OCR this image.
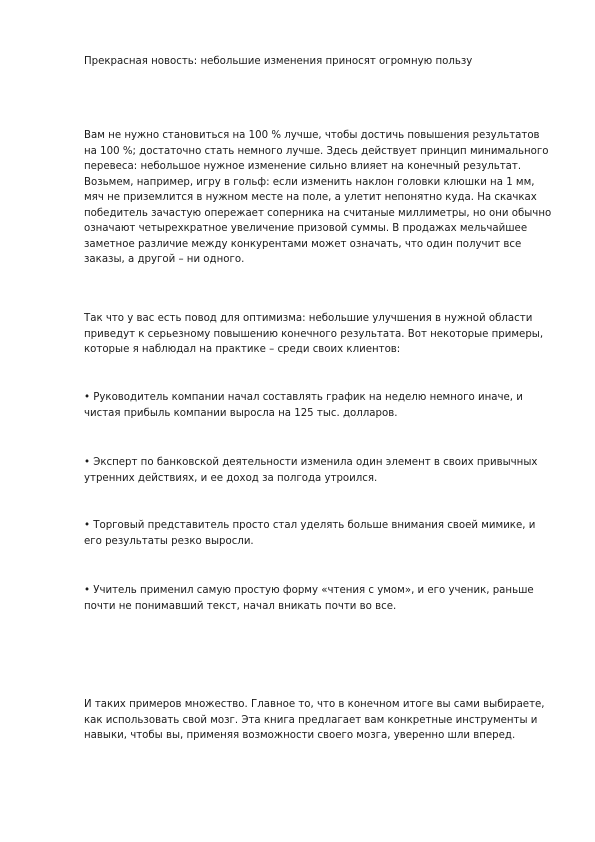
Прекрасная новость: небольшие изменения приносят огромную пользу

Вам не нужно становиться на 100 % лучше, чтобы достичь повышения результатов на 100 %; достаточно стать немного лучше. Здесь действует принцип минимального перевеса: небольшое нужное изменение сильно влияет на конечный результат. Возьмем, например, игру в гольф: если изменить наклон головки клюшки на 1 мм, мяч не приземлится в нужном месте на поле, а улетит непонятно куда. На скачках победитель зачастую опережает соперника на считаные миллиметры, но они обычно означают четырехкратное увеличение призовой суммы. В продажах мельчайшее заметное различие между конкурентами может означать, что один получит все заказы, а другой – ни одного.

Так что у вас есть повод для оптимизма: небольшие улучшения в нужной области приведут к серьезному повышению конечного результата. Вот некоторые примеры, которые я наблюдал на практике – среди своих клиентов:

• Руководитель компании начал составлять график на неделю немного иначе, и чистая прибыль компании выросла на 125 тыс. долларов.

• Эксперт по банковской деятельности изменила один элемент в своих привычных утренних действиях, и ее доход за полгода утроился.

• Торговый представитель просто стал уделять больше внимания своей мимике, и его результаты резко выросли.

• Учитель применил самую простую форму «чтения с умом», и его ученик, раньше почти не понимавший текст, начал вникать почти во все.

И таких примеров множество. Главное то, что в конечном итоге вы сами выбираете, как использовать свой мозг. Эта книга предлагает вам конкретные инструменты и навыки, чтобы вы, применяя возможности своего мозга, уверенно шли вперед.
